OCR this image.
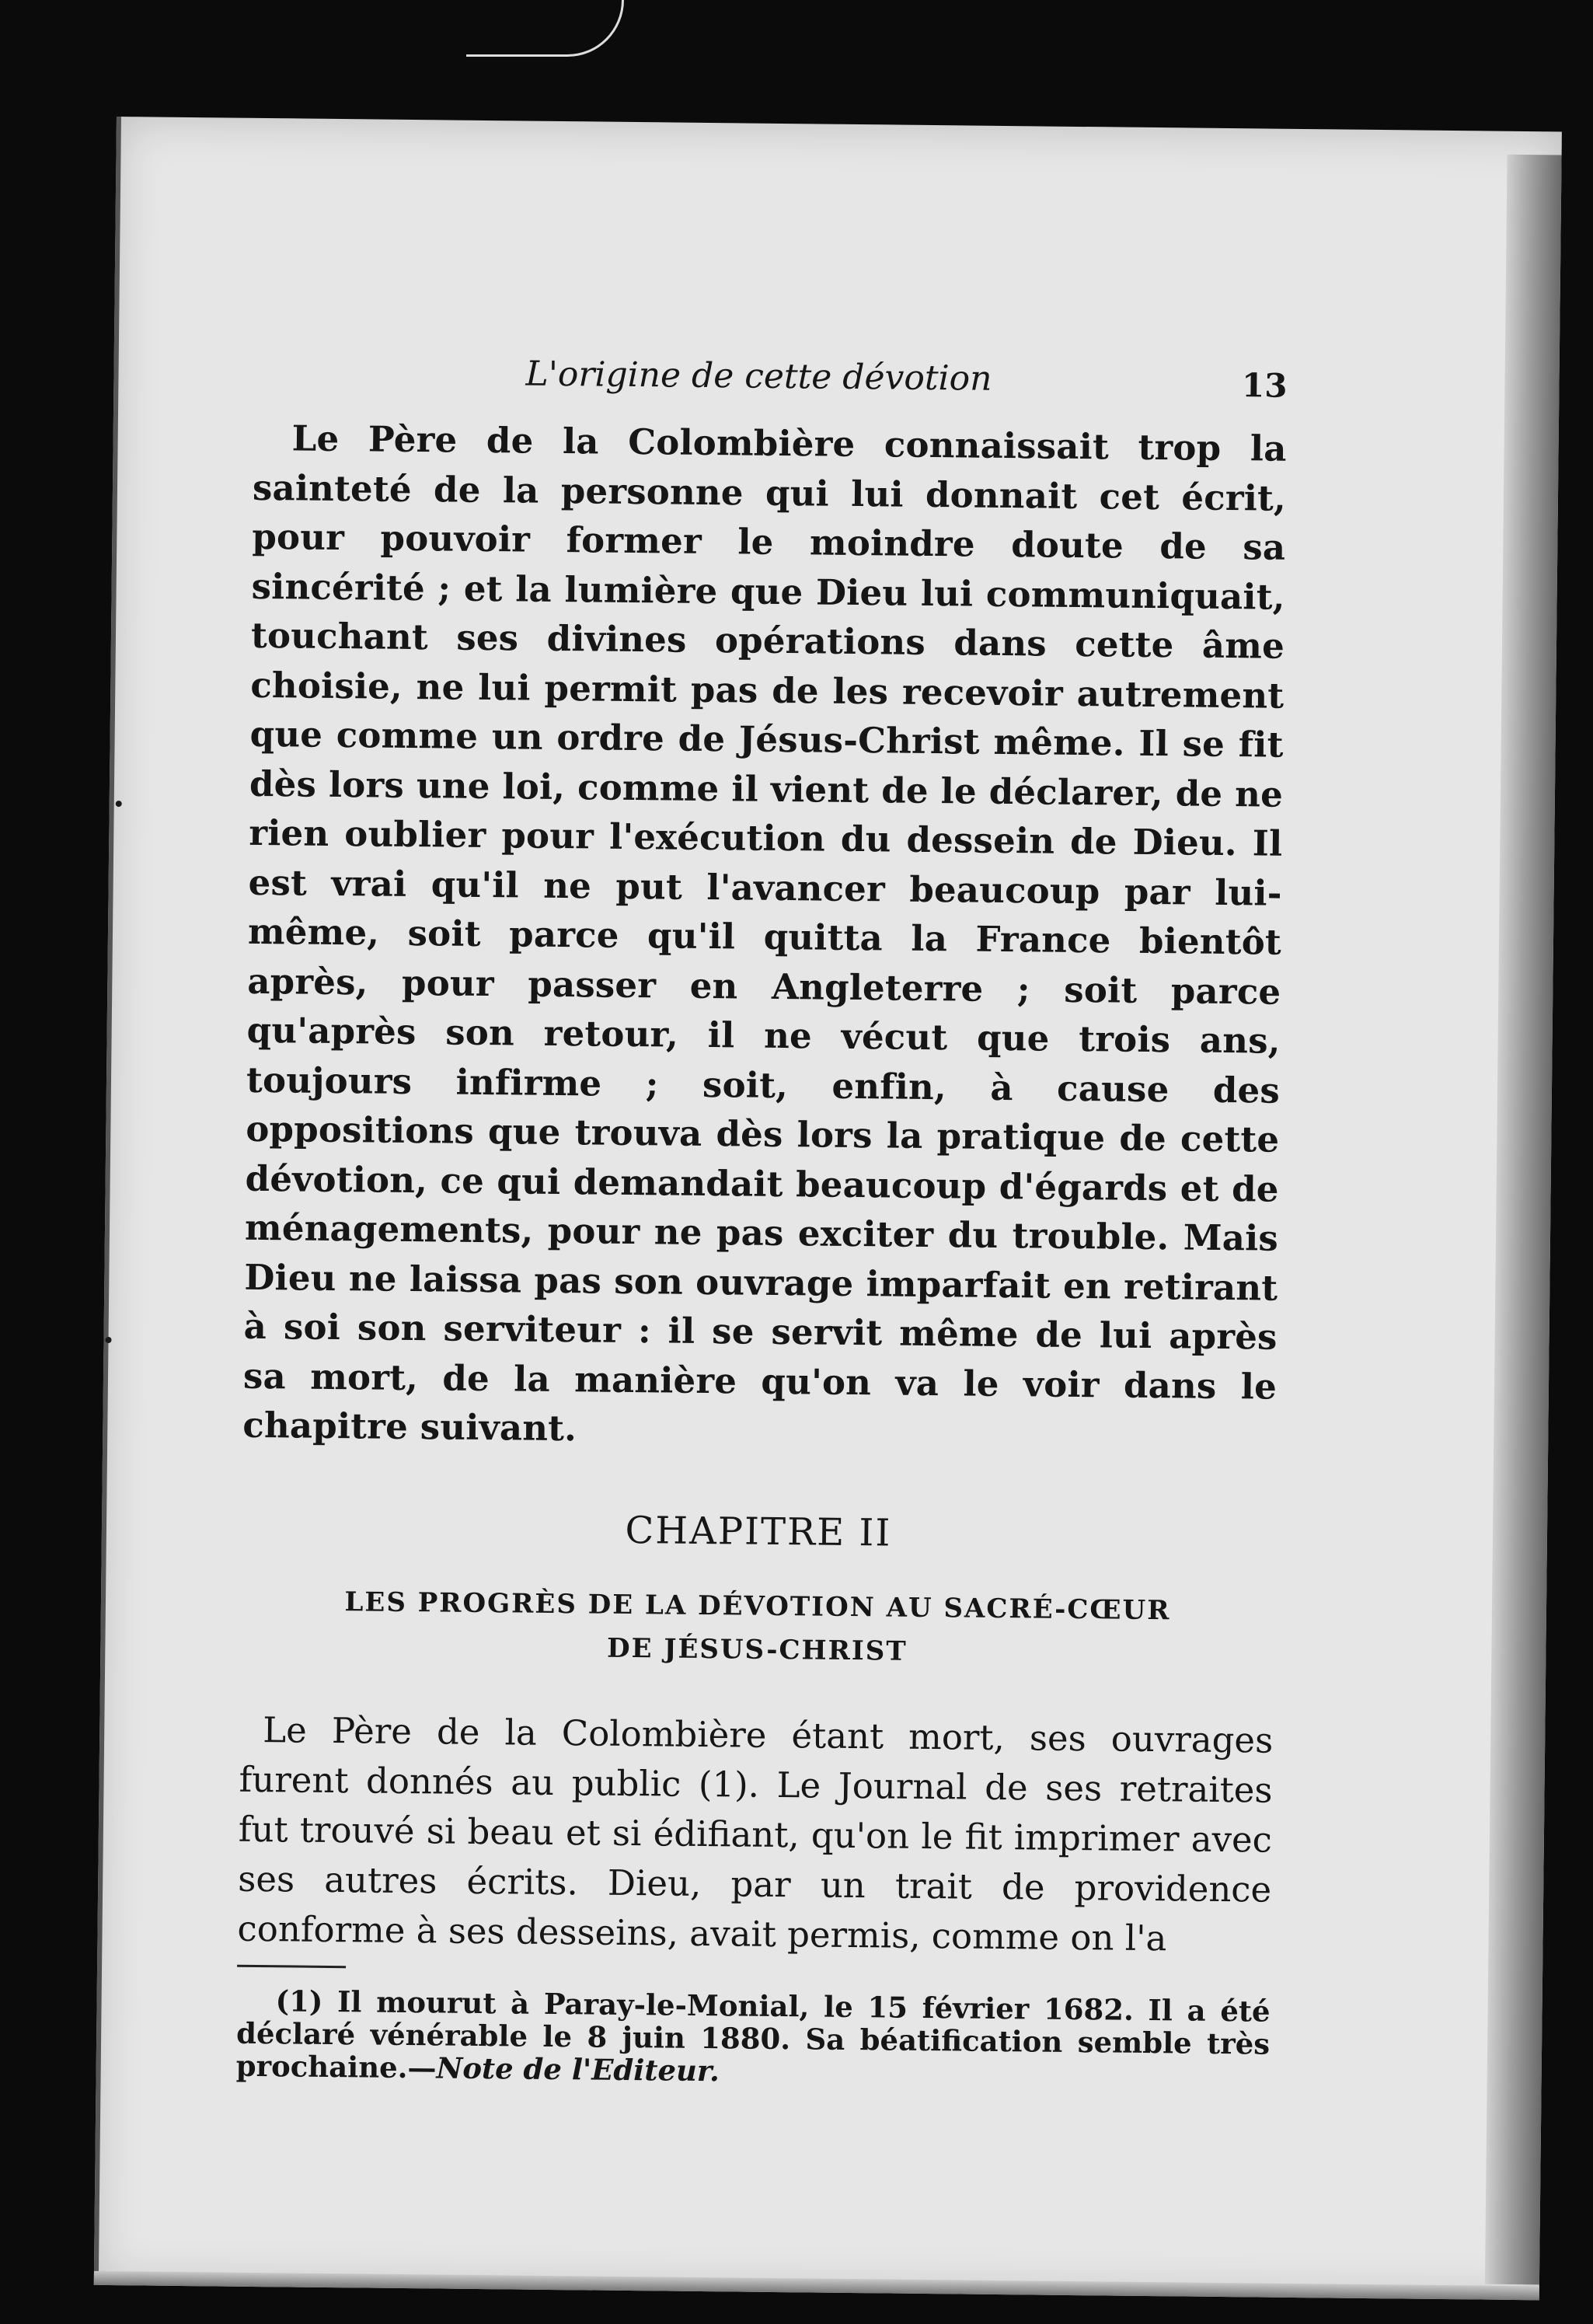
L'origine de cette dévotion	13

Le Père de la Colombière connaissait trop la sainteté de la personne qui lui donnait cet écrit, pour pouvoir former le moindre doute de sa sincérité ; et la lumière que Dieu lui communiquait, touchant ses divines opérations dans cette âme choisie, ne lui permit pas de les recevoir autrement que comme un ordre de Jésus-Christ même. Il se fit dès lors une loi, comme il vient de le déclarer, de ne rien oublier pour l'exécution du dessein de Dieu. Il est vrai qu'il ne put l'avancer beaucoup par lui-même, soit parce qu'il quitta la France bientôt après, pour passer en Angleterre ; soit parce qu'après son retour, il ne vécut que trois ans, toujours infirme ; soit, enfin, à cause des oppositions que trouva dès lors la pratique de cette dévotion, ce qui demandait beaucoup d'égards et de ménagements, pour ne pas exciter du trouble. Mais Dieu ne laissa pas son ouvrage imparfait en retirant à soi son serviteur : il se servit même de lui après sa mort, de la manière qu'on va le voir dans le chapitre suivant.

CHAPITRE II
LES PROGRÈS DE LA DÉVOTION AU SACRÉ-CŒUR
DE JÉSUS-CHRIST

Le Père de la Colombière étant mort, ses ouvrages furent donnés au public (1). Le Journal de ses retraites fut trouvé si beau et si édifiant, qu'on le fit imprimer avec ses autres écrits. Dieu, par un trait de providence conforme à ses desseins, avait permis, comme on l'a

(1) Il mourut à Paray-le-Monial, le 15 février 1682. Il a été déclaré vénérable le 8 juin 1880. Sa béatification semble très prochaine.—Note de l'Editeur.
